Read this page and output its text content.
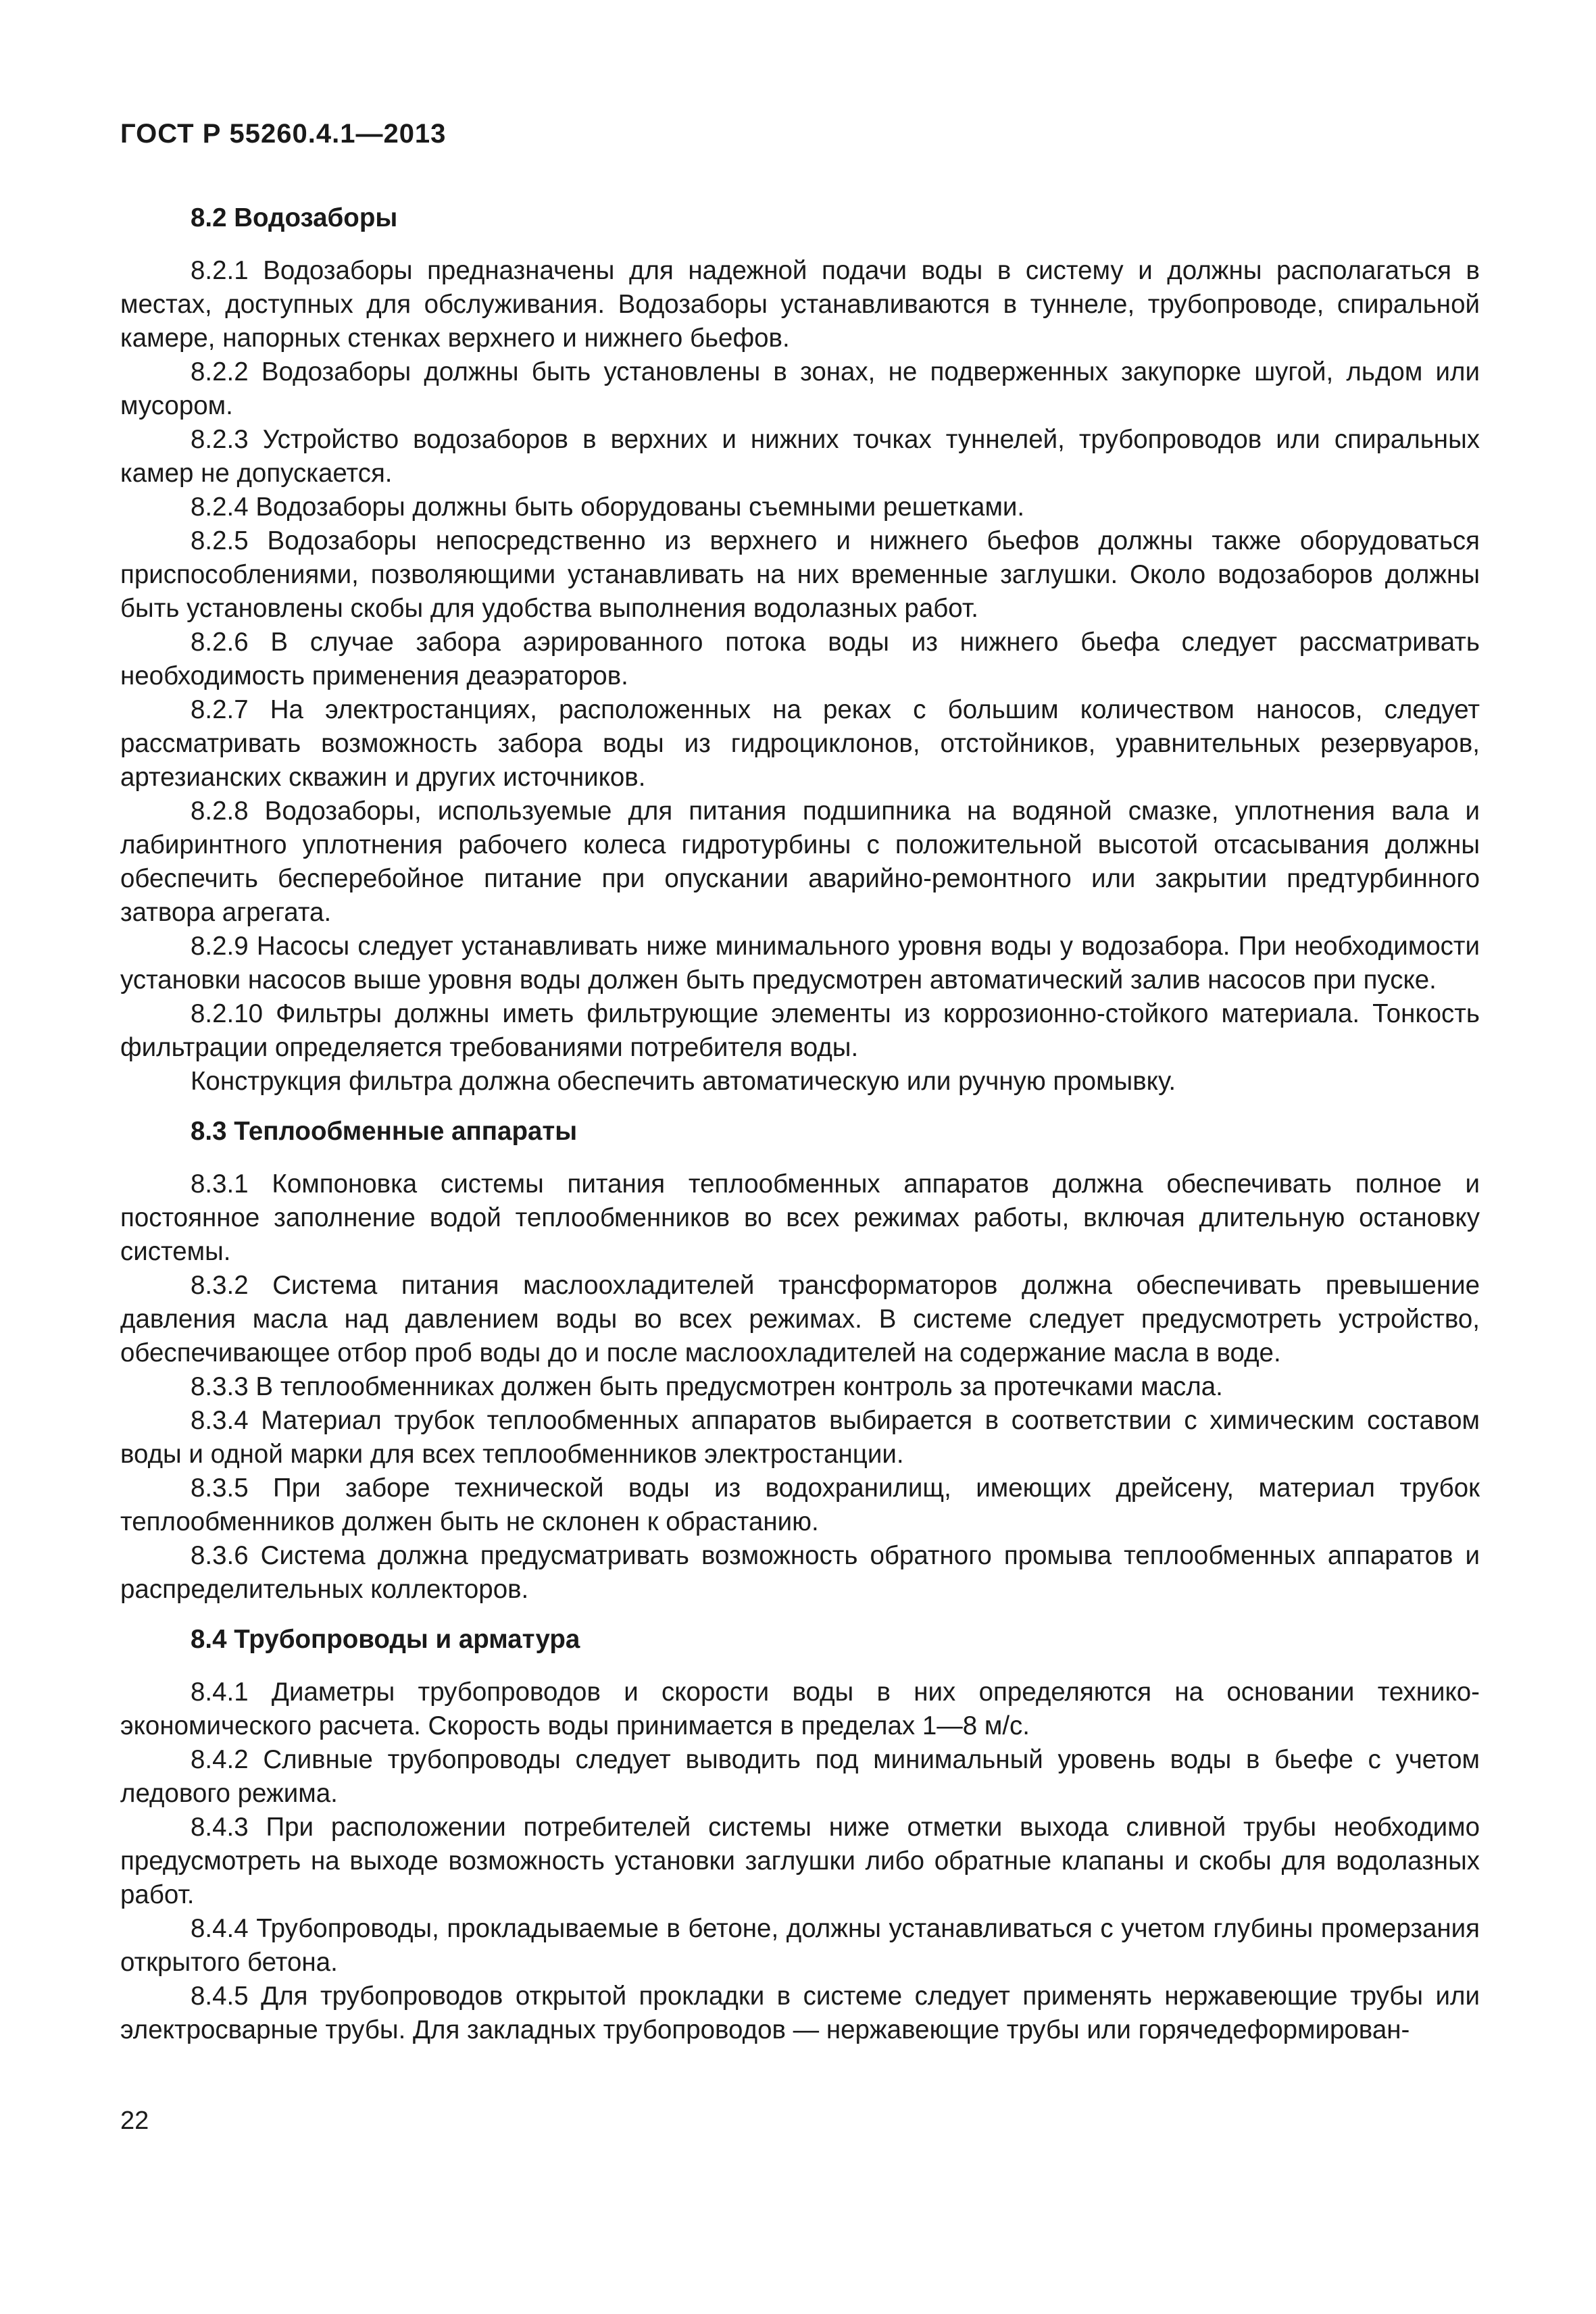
ГОСТ Р 55260.4.1—2013
8.2 Водозаборы

8.2.1 Водозаборы предназначены для надежной подачи воды в систему и должны располагаться в местах, доступных для обслуживания. Водозаборы устанавливаются в туннеле, трубопроводе, спиральной камере, напорных стенках верхнего и нижнего бьефов.

8.2.2 Водозаборы должны быть установлены в зонах, не подверженных закупорке шугой, льдом или мусором.

8.2.3 Устройство водозаборов в верхних и нижних точках туннелей, трубопроводов или спиральных камер не допускается.

8.2.4 Водозаборы должны быть оборудованы съемными решетками.

8.2.5 Водозаборы непосредственно из верхнего и нижнего бьефов должны также оборудоваться приспособлениями, позволяющими устанавливать на них временные заглушки. Около водозаборов должны быть установлены скобы для удобства выполнения водолазных работ.

8.2.6 В случае забора аэрированного потока воды из нижнего бьефа следует рассматривать необходимость применения деаэраторов.

8.2.7 На электростанциях, расположенных на реках с большим количеством наносов, следует рассматривать возможность забора воды из гидроциклонов, отстойников, уравнительных резервуаров, артезианских скважин и других источников.

8.2.8 Водозаборы, используемые для питания подшипника на водяной смазке, уплотнения вала и лабиринтного уплотнения рабочего колеса гидротурбины с положительной высотой отсасывания должны обеспечить бесперебойное питание при опускании аварийно-ремонтного или закрытии предтурбинного затвора агрегата.

8.2.9 Насосы следует устанавливать ниже минимального уровня воды у водозабора. При необходимости установки насосов выше уровня воды должен быть предусмотрен автоматический залив насосов при пуске.

8.2.10 Фильтры должны иметь фильтрующие элементы из коррозионно-стойкого материала. Тонкость фильтрации определяется требованиями потребителя воды.

Конструкция фильтра должна обеспечить автоматическую или ручную промывку.

8.3 Теплообменные аппараты

8.3.1 Компоновка системы питания теплообменных аппаратов должна обеспечивать полное и постоянное заполнение водой теплообменников во всех режимах работы, включая длительную остановку системы.

8.3.2 Система питания маслоохладителей трансформаторов должна обеспечивать превышение давления масла над давлением воды во всех режимах. В системе следует предусмотреть устройство, обеспечивающее отбор проб воды до и после маслоохладителей на содержание масла в воде.

8.3.3 В теплообменниках должен быть предусмотрен контроль за протечками масла.

8.3.4 Материал трубок теплообменных аппаратов выбирается в соответствии с химическим составом воды и одной марки для всех теплообменников электростанции.

8.3.5 При заборе технической воды из водохранилищ, имеющих дрейсену, материал трубок теплообменников должен быть не склонен к обрастанию.

8.3.6 Система должна предусматривать возможность обратного промыва теплообменных аппаратов и распределительных коллекторов.

8.4 Трубопроводы и арматура

8.4.1 Диаметры трубопроводов и скорости воды в них определяются на основании технико-экономического расчета. Скорость воды принимается в пределах 1—8 м/с.

8.4.2 Сливные трубопроводы следует выводить под минимальный уровень воды в бьефе с учетом ледового режима.

8.4.3 При расположении потребителей системы ниже отметки выхода сливной трубы необходимо предусмотреть на выходе возможность установки заглушки либо обратные клапаны и скобы для водолазных работ.

8.4.4 Трубопроводы, прокладываемые в бетоне, должны устанавливаться с учетом глубины промерзания открытого бетона.

8.4.5 Для трубопроводов открытой прокладки в системе следует применять нержавеющие трубы или электросварные трубы. Для закладных трубопроводов — нержавеющие трубы или горячедеформирован-

22
